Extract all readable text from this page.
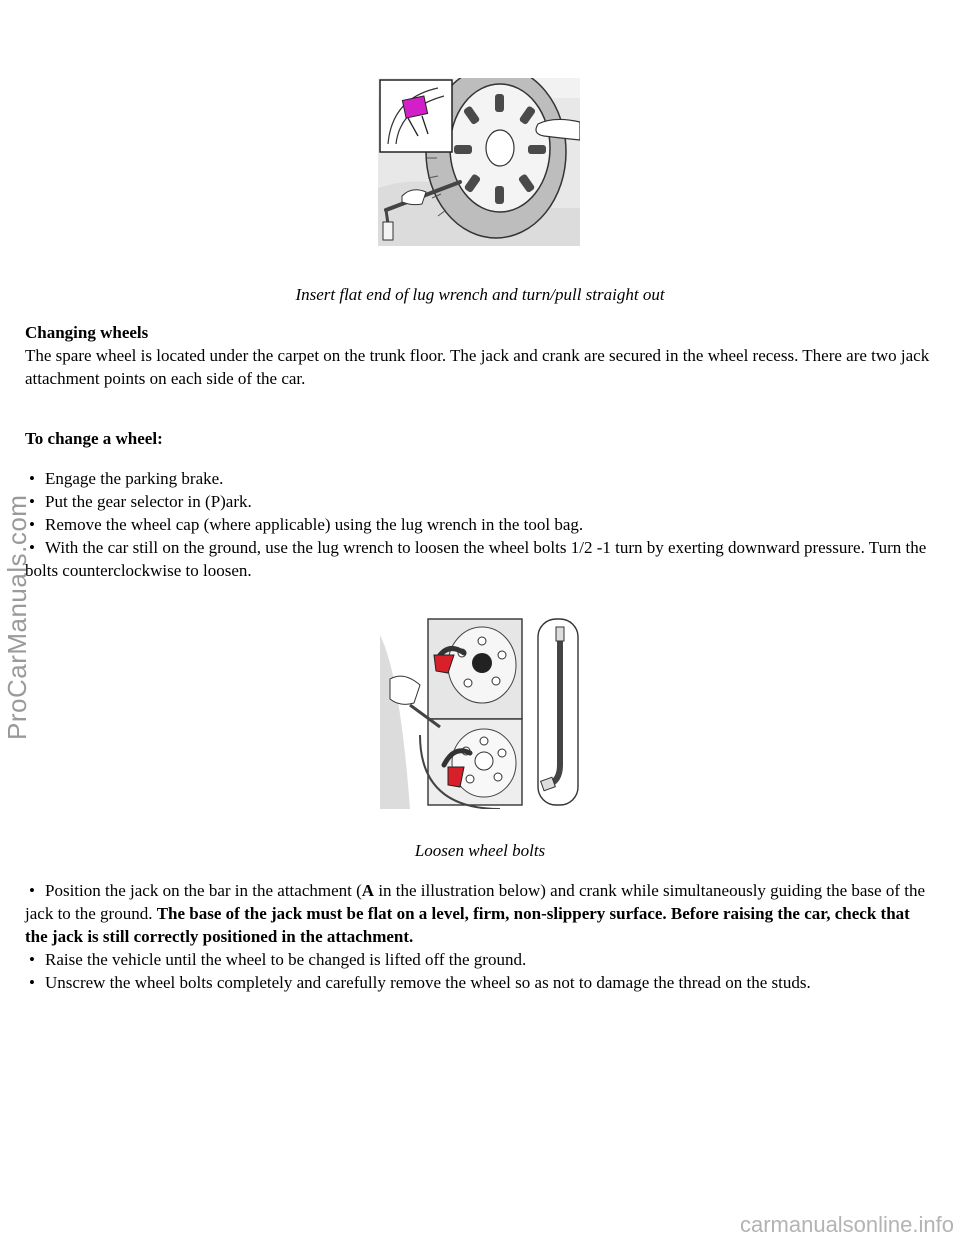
Insert flat end of lug wrench and turn/pull straight out
Changing wheels
The spare wheel is located under the carpet on the trunk floor. The jack and crank are secured in the wheel recess. There are two jack attachment points on each side of the car.
To change a wheel:
• Engage the parking brake.
• Put the gear selector in (P)ark.
• Remove the wheel cap (where applicable) using the lug wrench in the tool bag.
• With the car still on the ground, use the lug wrench to loosen the wheel bolts 1/2 -1 turn by exerting downward pressure. Turn the bolts counterclockwise to loosen.
Loosen wheel bolts
• Position the jack on the bar in the attachment (A in the illustration below) and crank while simultaneously guiding the base of the jack to the ground. The base of the jack must be flat on a level, firm, non-slippery surface. Before raising the car, check that the jack is still correctly positioned in the attachment.
• Raise the vehicle until the wheel to be changed is lifted off the ground.
• Unscrew the wheel bolts completely and carefully remove the wheel so as not to damage the thread on the studs.
ProCarManuals.com
carmanualsonline.info
